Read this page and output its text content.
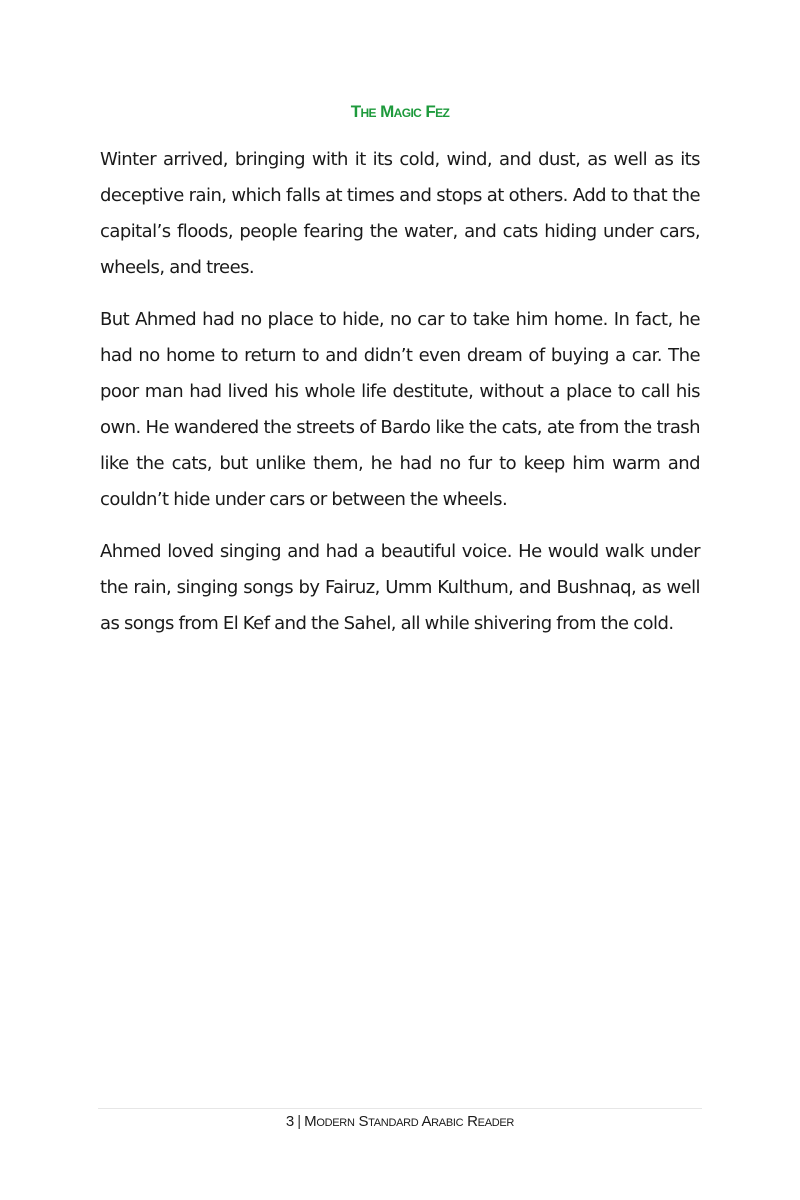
The Magic Fez

Winter arrived, bringing with it its cold, wind, and dust, as well as its deceptive rain, which falls at times and stops at others. Add to that the capital’s floods, people fearing the water, and cats hiding under cars, wheels, and trees.

But Ahmed had no place to hide, no car to take him home. In fact, he had no home to return to and didn’t even dream of buying a car. The poor man had lived his whole life destitute, without a place to call his own. He wandered the streets of Bardo like the cats, ate from the trash like the cats, but unlike them, he had no fur to keep him warm and couldn’t hide under cars or between the wheels.

Ahmed loved singing and had a beautiful voice. He would walk under the rain, singing songs by Fairuz, Umm Kulthum, and Bushnaq, as well as songs from El Kef and the Sahel, all while shivering from the cold.

3 | Modern Standard Arabic Reader
